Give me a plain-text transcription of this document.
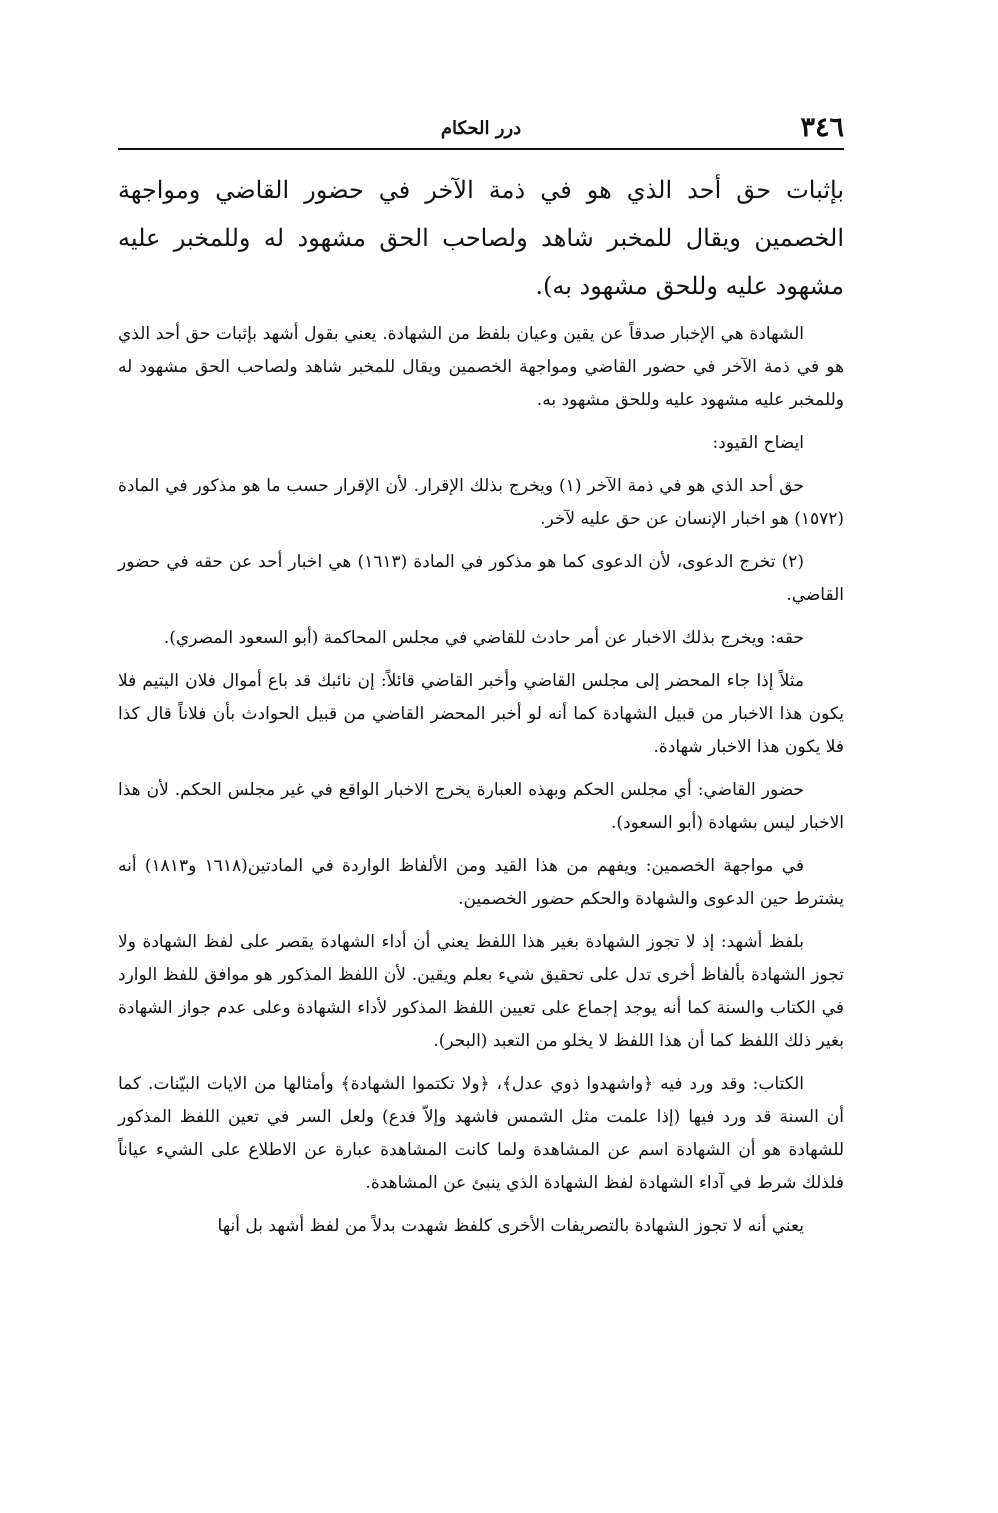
٣٤٦
درر الحكام

بإثبات حق أحد الذي هو في ذمة الآخر في حضور القاضي ومواجهة الخصمين ويقال للمخبر شاهد ولصاحب الحق مشهود له وللمخبر عليه مشهود عليه وللحق مشهود به).

الشهادة هي الإخبار صدقاً عن يقين وعيان بلفظ من الشهادة. يعني بقول أشهد بإثبات حق أحد الذي هو في ذمة الآخر في حضور القاضي ومواجهة الخصمين ويقال للمخبر شاهد ولصاحب الحق مشهود له وللمخبر عليه مشهود عليه وللحق مشهود به.

ايضاح القيود:

حق أحد الذي هو في ذمة الآخر (١) ويخرج بذلك الإقرار. لأن الإقرار حسب ما هو مذكور في المادة (١٥٧٢) هو اخبار الإنسان عن حق عليه لآخر.

(٢) تخرج الدعوى، لأن الدعوى كما هو مذكور في المادة (١٦١٣) هي اخبار أحد عن حقه في حضور القاضي.

حقه: ويخرج بذلك الاخبار عن أمر حادث للقاضي في مجلس المحاكمة (أبو السعود المصري).

مثلاً إذا جاء المحضر إلى مجلس القاضي وأخبر القاضي قائلاً: إن نائبك قد باع أموال فلان اليتيم فلا يكون هذا الاخبار من قبيل الشهادة كما أنه لو أخبر المحضر القاضي من قبيل الحوادث بأن فلاناً قال كذا فلا يكون هذا الاخبار شهادة.

حضور القاضي: أي مجلس الحكم وبهذه العبارة يخرج الاخبار الواقع في غير مجلس الحكم. لأن هذا الاخبار ليس بشهادة (أبو السعود).

في مواجهة الخصمين: ويفهم من هذا القيد ومن الألفاظ الواردة في المادتين(١٦١٨ و١٨١٣) أنه يشترط حين الدعوى والشهادة والحكم حضور الخصمين.

بلفظ أشهد: إذ لا تجوز الشهادة بغير هذا اللفظ يعني أن أداء الشهادة يقصر على لفظ الشهادة ولا تجوز الشهادة بألفاظ أخرى تدل على تحقيق شيء بعلم ويقين. لأن اللفظ المذكور هو موافق للفظ الوارد في الكتاب والسنة كما أنه يوجد إجماع على تعيين اللفظ المذكور لأداء الشهادة وعلى عدم جواز الشهادة بغير ذلك اللفظ كما أن هذا اللفظ لا يخلو من التعبد (البحر).

الكتاب: وقد ورد فيه ﴿واشهدوا ذوي عدل﴾، ﴿ولا تكتموا الشهادة﴾ وأمثالها من الايات البيّنات. كما أن السنة قد ورد فيها (إذا علمت مثل الشمس فاشهد وإلاّ فدع) ولعل السر في تعين اللفظ المذكور للشهادة هو أن الشهادة اسم عن المشاهدة ولما كانت المشاهدة عبارة عن الاطلاع على الشيء عياناً فلذلك شرط في آداء الشهادة لفظ الشهادة الذي ينبئ عن المشاهدة.

يعني أنه لا تجوز الشهادة بالتصريفات الأخرى كلفظ شهدت بدلاً من لفظ أشهد بل أنها
